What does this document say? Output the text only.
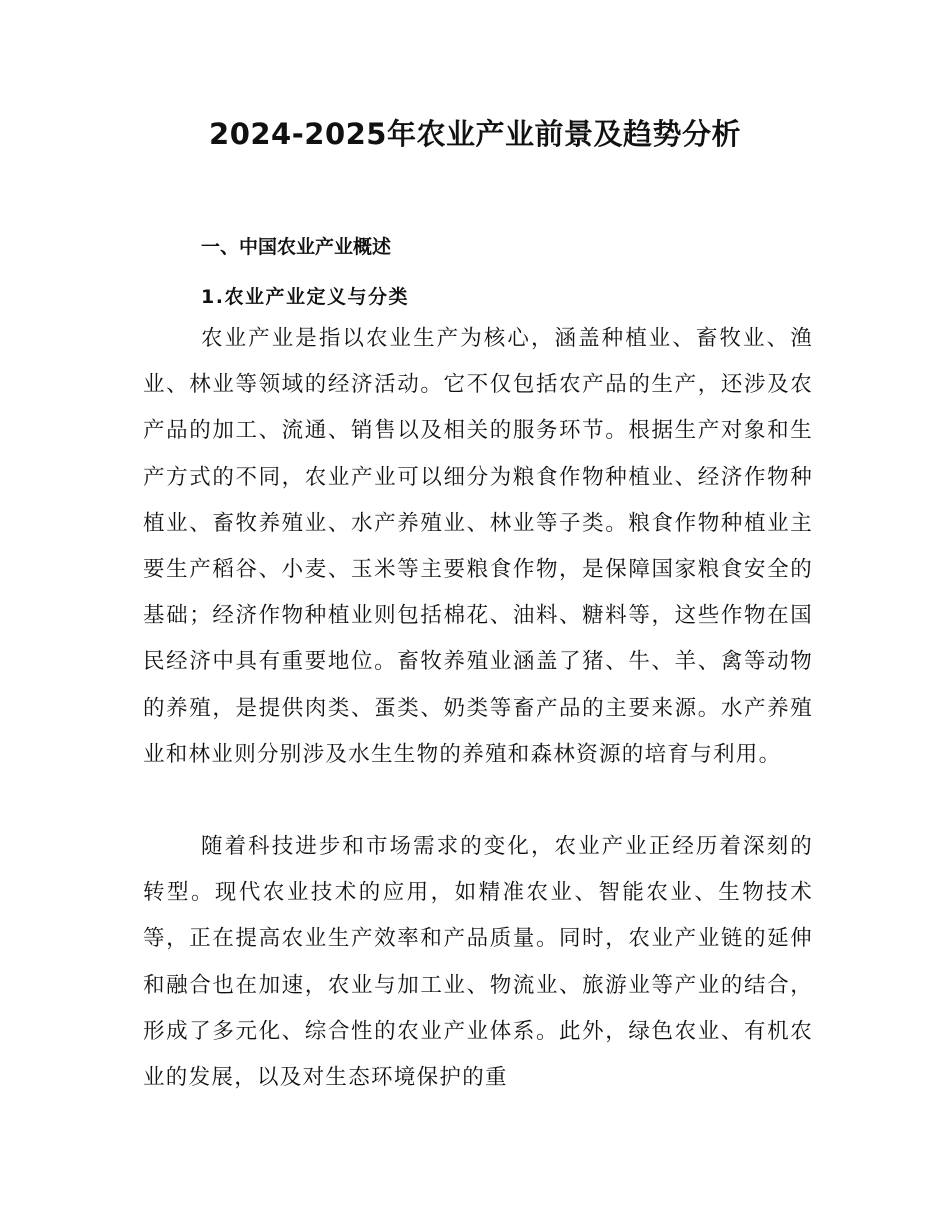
2024-2025年农业产业前景及趋势分析
一、中国农业产业概述
1.农业产业定义与分类

农业产业是指以农业生产为核心，涵盖种植业、畜牧业、渔业、林业等领域的经济活动。它不仅包括农产品的生产，还涉及农产品的加工、流通、销售以及相关的服务环节。根据生产对象和生产方式的不同，农业产业可以细分为粮食作物种植业、经济作物种植业、畜牧养殖业、水产养殖业、林业等子类。粮食作物种植业主要生产稻谷、小麦、玉米等主要粮食作物，是保障国家粮食安全的基础；经济作物种植业则包括棉花、油料、糖料等，这些作物在国民经济中具有重要地位。畜牧养殖业涵盖了猪、牛、羊、禽等动物的养殖，是提供肉类、蛋类、奶类等畜产品的主要来源。水产养殖业和林业则分别涉及水生生物的养殖和森林资源的培育与利用。

随着科技进步和市场需求的变化，农业产业正经历着深刻的转型。现代农业技术的应用，如精准农业、智能农业、生物技术等，正在提高农业生产效率和产品质量。同时，农业产业链的延伸和融合也在加速，农业与加工业、物流业、旅游业等产业的结合，形成了多元化、综合性的农业产业体系。此外，绿色农业、有机农业的发展，以及对生态环境保护的重
